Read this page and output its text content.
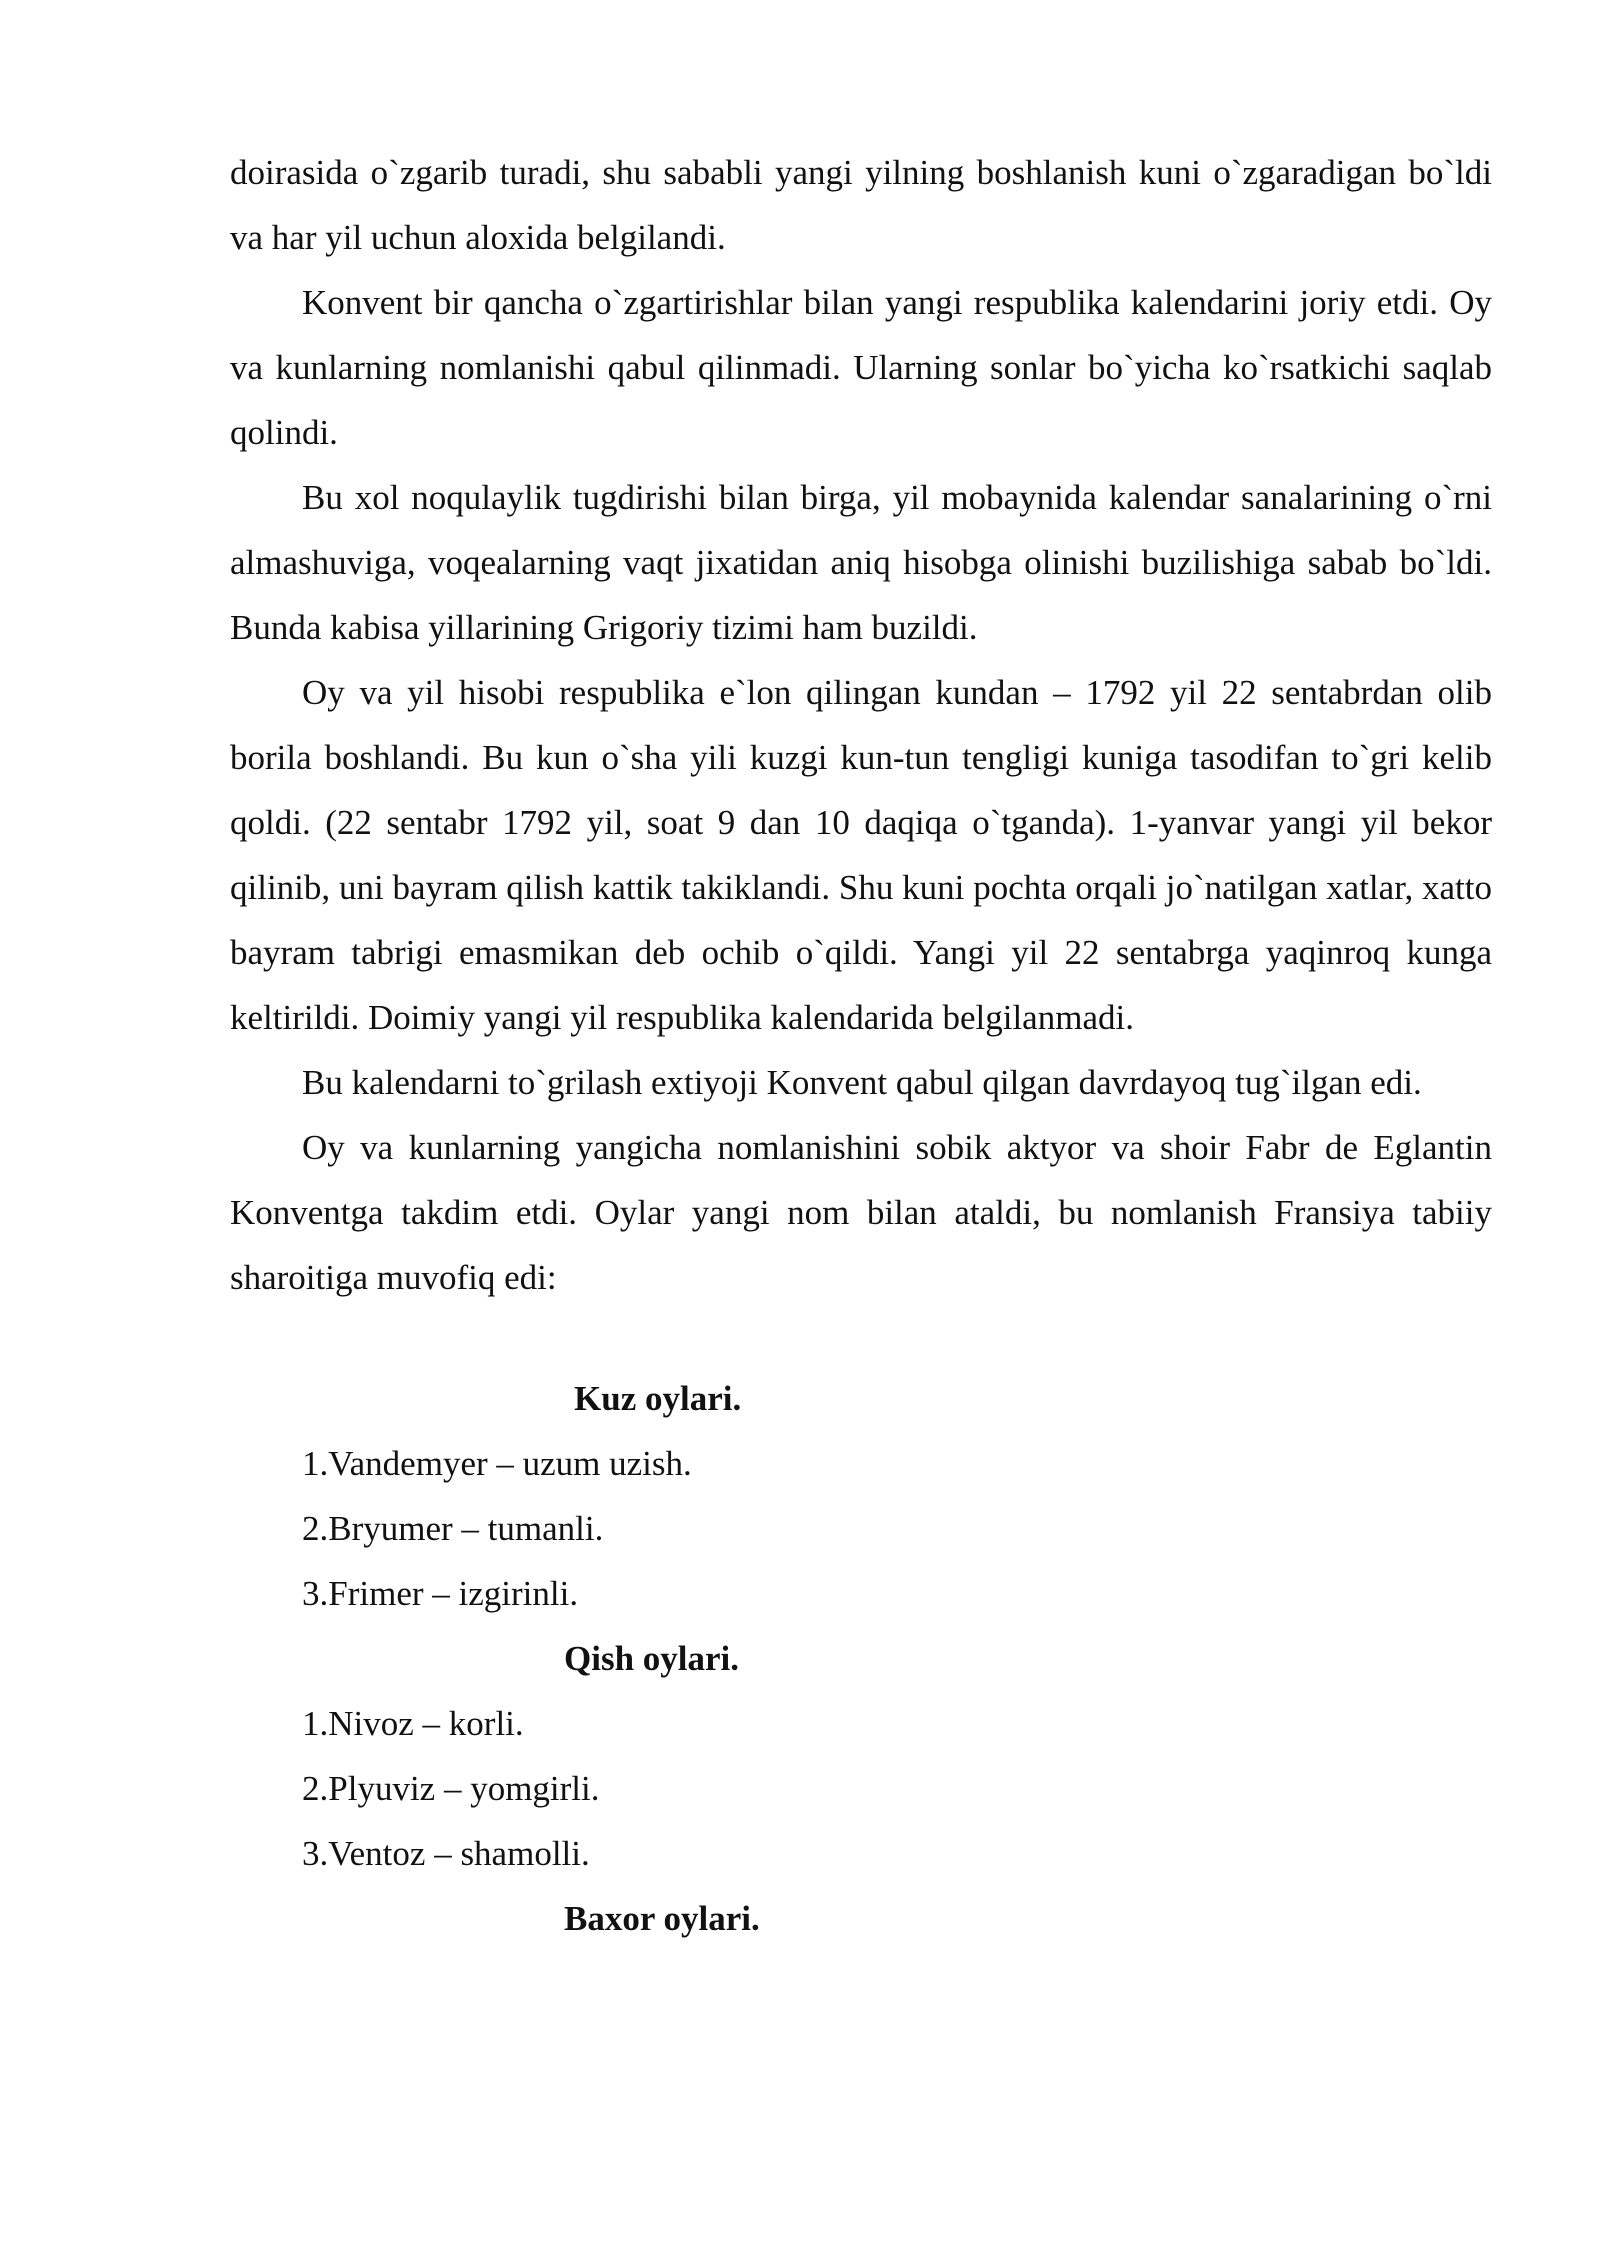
doirasida o`zgarib turadi, shu sababli yangi yilning boshlanish kuni o`zgaradigan bo`ldi va har yil uchun aloxida belgilandi.

Konvent bir qancha o`zgartirishlar bilan yangi respublika kalendarini joriy etdi. Oy va kunlarning nomlanishi qabul qilinmadi. Ularning sonlar bo`yicha ko`rsatkichi saqlab qolindi.

Bu xol noqulaylik tugdirishi bilan birga, yil mobaynida kalendar sanalarining o`rni almashuviga, voqealarning vaqt jixatidan aniq hisobga olinishi buzilishiga sabab bo`ldi. Bunda kabisa yillarining Grigoriy tizimi ham buzildi.

Oy va yil hisobi respublika e`lon qilingan kundan – 1792 yil 22 sentabrdan olib borila boshlandi. Bu kun o`sha yili kuzgi kun-tun tengligi kuniga tasodifan to`gri kelib qoldi. (22 sentabr 1792 yil, soat 9 dan 10 daqiqa o`tganda). 1-yanvar yangi yil bekor qilinib, uni bayram qilish kattik takiklandi. Shu kuni pochta orqali jo`natilgan xatlar, xatto bayram tabrigi emasmikan deb ochib o`qildi. Yangi yil 22 sentabrga yaqinroq kunga keltirildi. Doimiy yangi yil respublika kalendarida belgilanmadi.

Bu kalendarni to`grilash extiyoji Konvent qabul qilgan davrdayoq tug`ilgan edi.

Oy va kunlarning yangicha nomlanishini sobik aktyor va shoir Fabr de Eglantin Konventga takdim etdi. Oylar yangi nom bilan ataldi, bu nomlanish Fransiya tabiiy sharoitiga muvofiq edi:

Kuz oylari.
1.Vandemyer – uzum uzish.
2.Bryumer – tumanli.
3.Frimer – izgirinli.
Qish oylari.
1.Nivoz – korli.
2.Plyuviz – yomgirli.
3.Ventoz – shamolli.
Baxor oylari.
